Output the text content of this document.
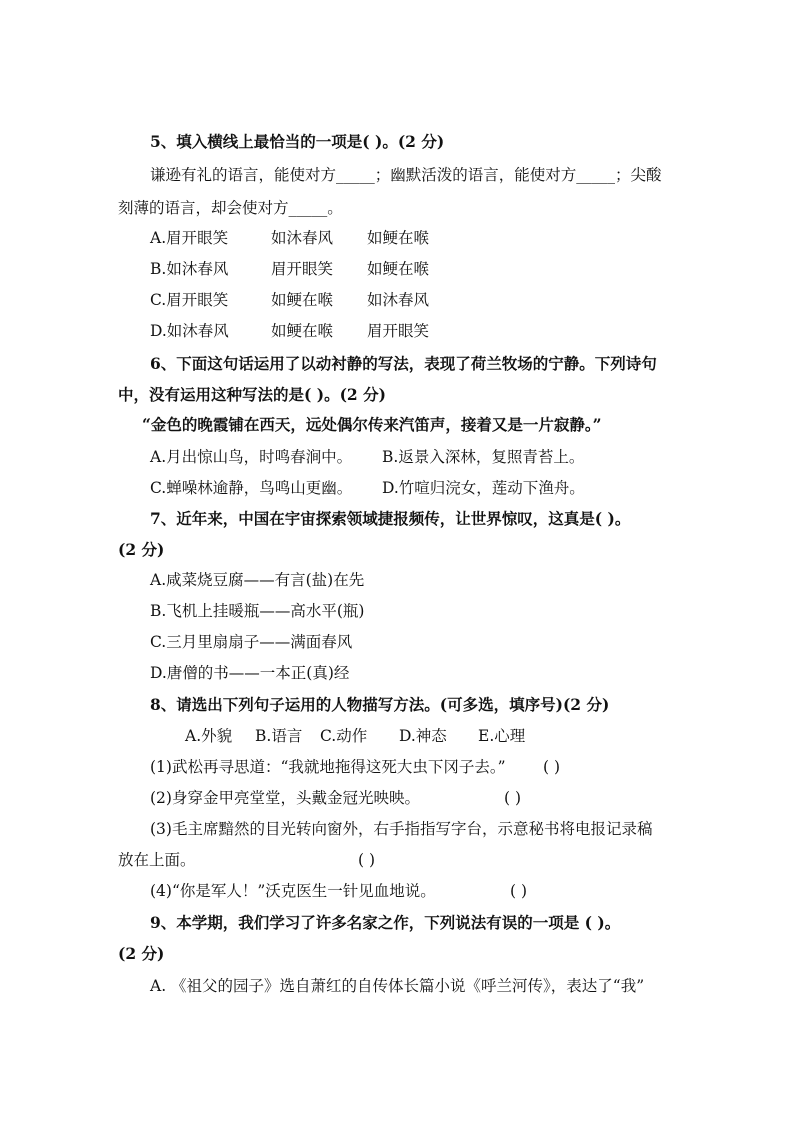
5、填入横线上最恰当的一项是( )。(2 分)
谦逊有礼的语言，能使对方_____；幽默活泼的语言，能使对方_____；尖酸
刻薄的语言，却会使对方_____。
A.眉开眼笑	如沐春风 如鲠在喉
B.如沐春风	眉开眼笑 如鲠在喉
C.眉开眼笑	如鲠在喉 如沐春风
D.如沐春风	如鲠在喉 眉开眼笑
6、下面这句话运用了以动衬静的写法，表现了荷兰牧场的宁静。下列诗句
中，没有运用这种写法的是( )。(2 分)
“金色的晚霞铺在西天，远处偶尔传来汽笛声，接着又是一片寂静。”
A.月出惊山鸟，时鸣春涧中。 B.返景入深林，复照青苔上。
C.蝉噪林逾静，鸟鸣山更幽。 D.竹喧归浣女，莲动下渔舟。
7、近年来，中国在宇宙探索领域捷报频传，让世界惊叹，这真是( )。
(2 分)
A.咸菜烧豆腐——有言(盐)在先
B.飞机上挂暖瓶——高水平(瓶)
C.三月里扇扇子——满面春风
D.唐僧的书——一本正(真)经
8、请选出下列句子运用的人物描写方法。(可多选，填序号)(2 分)
A.外貌 B.语言 C.动作 D.神态 E.心理
(1)武松再寻思道：“我就地拖得这死大虫下冈子去。” ( )
(2)身穿金甲亮堂堂，头戴金冠光映映。	( )
(3)毛主席黯然的目光转向窗外，右手指指写字台，示意秘书将电报记录稿
放在上面。	( )
(4)“你是军人！”沃克医生一针见血地说。	( )
9、本学期，我们学习了许多名家之作，下列说法有误的一项是 ( )。
(2 分)
A. 《祖父的园子》选自萧红的自传体长篇小说《呼兰河传》，表达了“我”
